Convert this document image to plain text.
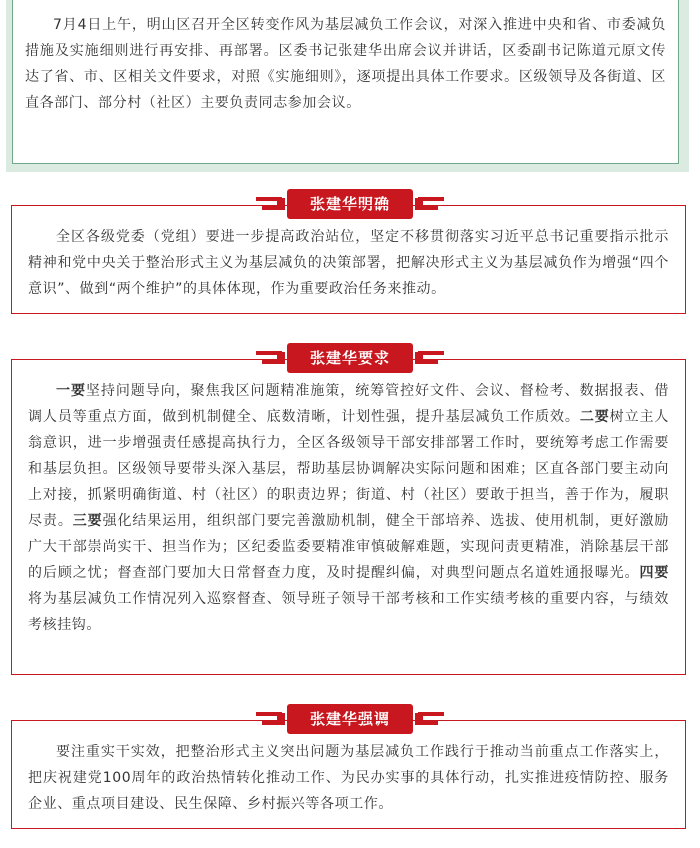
7月4日上午，明山区召开全区转变作风为基层减负工作会议，对深入推进中央和省、市委减负措施及实施细则进行再安排、再部署。区委书记张建华出席会议并讲话，区委副书记陈道元原文传达了省、市、区相关文件要求，对照《实施细则》，逐项提出具体工作要求。区级领导及各街道、区直各部门、部分村（社区）主要负责同志参加会议。

张建华明确

全区各级党委（党组）要进一步提高政治站位，坚定不移贯彻落实习近平总书记重要指示批示精神和党中央关于整治形式主义为基层减负的决策部署，把解决形式主义为基层减负作为增强“四个意识”、做到“两个维护”的具体体现，作为重要政治任务来推动。

张建华要求

一要坚持问题导向，聚焦我区问题精准施策，统筹管控好文件、会议、督检考、数据报表、借调人员等重点方面，做到机制健全、底数清晰，计划性强，提升基层减负工作质效。二要树立主人翁意识，进一步增强责任感提高执行力，全区各级领导干部安排部署工作时，要统筹考虑工作需要和基层负担。区级领导要带头深入基层，帮助基层协调解决实际问题和困难；区直各部门要主动向上对接，抓紧明确街道、村（社区）的职责边界；街道、村（社区）要敢于担当，善于作为，履职尽责。三要强化结果运用，组织部门要完善激励机制，健全干部培养、选拔、使用机制，更好激励广大干部崇尚实干、担当作为；区纪委监委要精准审慎破解难题，实现问责更精准，消除基层干部的后顾之忧；督查部门要加大日常督查力度，及时提醒纠偏，对典型问题点名道姓通报曝光。四要将为基层减负工作情况列入巡察督查、领导班子领导干部考核和工作实绩考核的重要内容，与绩效考核挂钩。

张建华强调

要注重实干实效，把整治形式主义突出问题为基层减负工作践行于推动当前重点工作落实上，把庆祝建党100周年的政治热情转化推动工作、为民办实事的具体行动，扎实推进疫情防控、服务企业、重点项目建设、民生保障、乡村振兴等各项工作。
